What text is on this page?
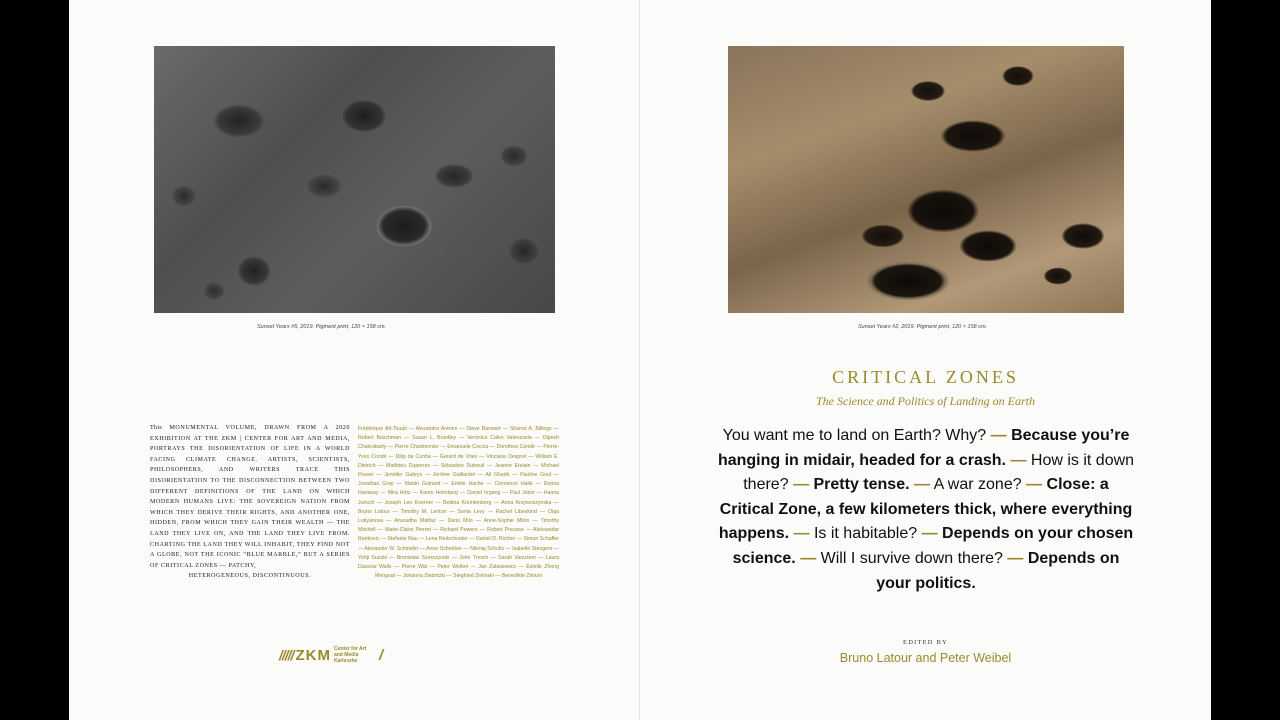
Sunset Years #5, 2019. Pigment print, 120 × 158 cm.
This MONUMENTAL VOLUME, DRAWN FROM A 2020 EXHIBITION AT THE ZKM | CENTER FOR ART AND MEDIA, PORTRAYS THE DISORIENTATION OF LIFE IN A WORLD FACING CLIMATE CHANGE. ARTISTS, SCIENTISTS, PHILOSOPHERS, AND WRITERS TRACE THIS DISORIENTATION TO THE DISCONNECTION BETWEEN TWO DIFFERENT DEFINITIONS OF THE LAND ON WHICH MODERN HUMANS LIVE: THE SOVEREIGN NATION FROM WHICH THEY DERIVE THEIR RIGHTS, AND ANOTHER ONE, HIDDEN, FROM WHICH THEY GAIN THEIR WEALTH — THE LAND THEY LIVE ON, AND THE LAND THEY LIVE FROM. CHARTING THE LAND THEY WILL INHABIT, THEY FIND NOT A GLOBE, NOT THE ICONIC “BLUE MARBLE,” BUT A SERIES OF CRITICAL ZONES — PATCHY,
HETEROGENEOUS, DISCONTINUOUS.
Frédérique Aït-Touati — Alexandra Arènes — Steve Banwart — Sharon A. Billings — Robert Boschman — Susan L. Brantley — Verónica Calvo Valenzuela — Dipesh Chakrabarty — Pierre Charbonnier — Emanuele Coccia — Dorothea Condé — Pierre-Yves Condé — Dilip da Cunha — Gerard de Vries — Vinciane Despret — William E. Dietrich — Matthieu Duperrex — Sébastien Dutreuil — Jeanne Etelain — Michael Flower — Jennifer Gabrys — Jérôme Gaillardet — Ali Gharib — Pauline Goul — Jonathan Gray — Martin Guinard — Emilie Hache — Clémence Hallé — Donna Haraway — Mira Hirtz — Karen Holmberg — Daniel Irrgang — Paul Jobin — Hanna Jurisch — Joseph Leo Koerner — Bettina Korintenberg — Anna Krzywoszynska — Bruno Latour — Timothy M. Lenton — Sonia Levy — Rachel Libeskind — Olga Lukyanova — Anuradha Mathur — Dario Milo — Anne-Sophie Milon — Timothy Mitchell — Marie-Claire Pierret — Richard Powers — Robert Preusse — Aleksandar Rankovic — Stefanie Rau — Lena Reitschuster — Daniel D. Richter — Simon Schaffer — Alexander W. Schindler — Anne Schreiber — Nikolaj Schultz — Isabelle Stengers — Yohji Suzuki — Bronislaw Szerszynski — John Tresch — Sarah Vanuxem — Laura Dassow Walls — Pierre Wat — Peter Weibel — Jan Zalasiewicz — Estelle Zhong Mengual — Johanna Zlebritzki — Siegfried Zielinski — Benedikte Zitouni
///// ZKM Center for Art
and Media Karlsruhe	/
Sunset Years #2, 2019. Pigment print, 120 × 158 cm.
CRITICAL ZONES
The Science and Politics of Landing on Earth
You want me to land on Earth? Why? — Because you’re hanging in midair, headed for a crash. — How is it down there? — Pretty tense. — A war zone? — Close: a Critical Zone, a few kilometers thick, where everything happens. — Is it habitable? — Depends on your chosen science. — Will I survive down there? — Depends on your politics.
EDITED BY
Bruno Latour and Peter Weibel
